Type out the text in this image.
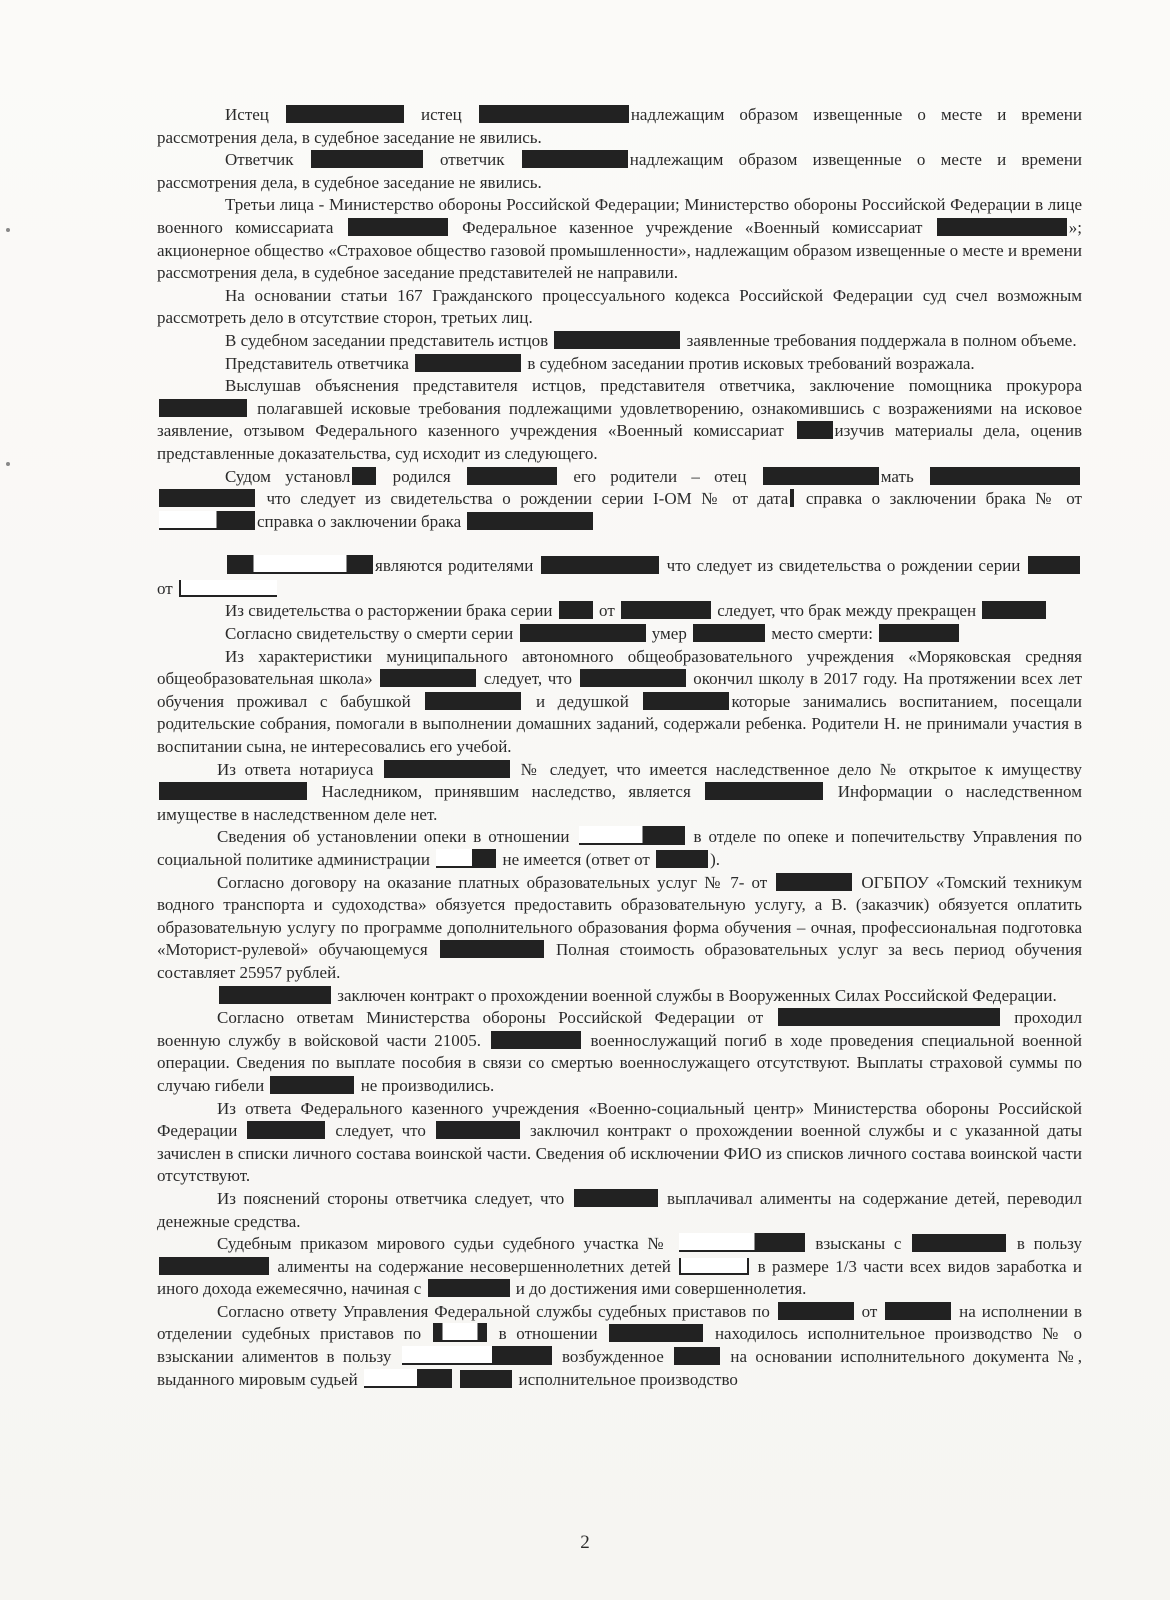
Истец	истец	надлежащим образом извещенные о месте и времени рассмотрения дела, в судебное заседание не явились.

Ответчик	ответчик	надлежащим образом извещенные о месте и времени рассмотрения дела, в судебное заседание не явились.

Третьи лица - Министерство обороны Российской Федерации; Министерство обороны Российской Федерации в лице военного комиссариата	Федеральное казенное учреждение «Военный комиссариат	»; акционерное общество «Страховое общество газовой промышленности», надлежащим образом извещенные о месте и времени рассмотрения дела, в судебное заседание представителей не направили.

На основании статьи 167 Гражданского процессуального кодекса Российской Федерации суд счел возможным рассмотреть дело в отсутствие сторон, третьих лиц.

В судебном заседании представитель истцов	заявленные требования поддержала в полном объеме.

Представитель ответчика	в судебном заседании против исковых требований возражала.

Выслушав объяснения представителя истцов, представителя ответчика, заключение помощника прокурора  полагавшей исковые требования подлежащими удовлетворению, ознакомившись с возражениями на исковое заявление, отзывом Федерального казенного учреждения «Военный комиссариат	изучив материалы дела, оценив представленные доказательства, суд исходит из следующего.

Судом установл родился	его родители – отец	мать   что следует из свидетельства о рождении серии I-ОМ № от дата справка о заключении брака № от справка о заключении брака

являются родителями	что следует из свидетельства о рождении серии  от

Из свидетельства о расторжении брака серии	от	следует, что брак между прекращен

Согласно свидетельству о смерти серии	умер	место смерти:

Из характеристики муниципального автономного общеобразовательного учреждения «Моряковская средняя общеобразовательная школа»	следует, что	окончил школу в 2017 году. На протяжении всех лет обучения проживал с бабушкой	и дедушкой	которые занимались воспитанием, посещали родительские собрания, помогали в выполнении домашних заданий, содержали ребенка. Родители Н. не принимали участия в воспитании сына, не интересовались его учебой.

Из ответа нотариуса	№ следует, что имеется наследственное дело № открытое к имуществу  Наследником, принявшим наследство, является	Информации о наследственном имуществе в наследственном деле нет.

Сведения об установлении опеки в отношении	в отделе по опеке и попечительству Управления по социальной политике администрации	не имеется (ответ от	).

Согласно договору на оказание платных образовательных услуг № 7- от	ОГБПОУ «Томский техникум водного транспорта и судоходства» обязуется предоставить образовательную услугу, а В. (заказчик) обязуется оплатить образовательную услугу по программе дополнительного образования форма обучения – очная, профессиональная подготовка «Моторист-рулевой» обучающемуся	Полная стоимость образовательных услуг за весь период обучения составляет 25957 рублей.

заключен контракт о прохождении военной службы в Вооруженных Силах Российской Федерации.

Согласно ответам Министерства обороны Российской Федерации от	проходил военную службу в войсковой части 21005.	военнослужащий погиб в ходе проведения специальной военной операции. Сведения по выплате пособия в связи со смертью военнослужащего отсутствуют. Выплаты страховой суммы по случаю гибели	не производились.

Из ответа Федерального казенного учреждения «Военно-социальный центр» Министерства обороны Российской Федерации	следует, что	заключил контракт о прохождении военной службы и с указанной даты зачислен в списки личного состава воинской части. Сведения об исключении ФИО из списков личного состава воинской части отсутствуют.

Из пояснений стороны ответчика следует, что	выплачивал алименты на содержание детей, переводил денежные средства.

Судебным приказом мирового судьи судебного участка №	взысканы с	в пользу  алименты на содержание несовершеннолетних детей	в размере 1/3 части всех видов заработка и иного дохода ежемесячно, начиная с	и до достижения ими совершеннолетия.

Согласно ответу Управления Федеральной службы судебных приставов по	от	на исполнении в отделении судебных приставов по	в отношении	находилось исполнительное производство № о взыскании алиментов в пользу	возбужденное	на основании исполнительного документа №, выданного мировым судьей	исполнительное производство

2
